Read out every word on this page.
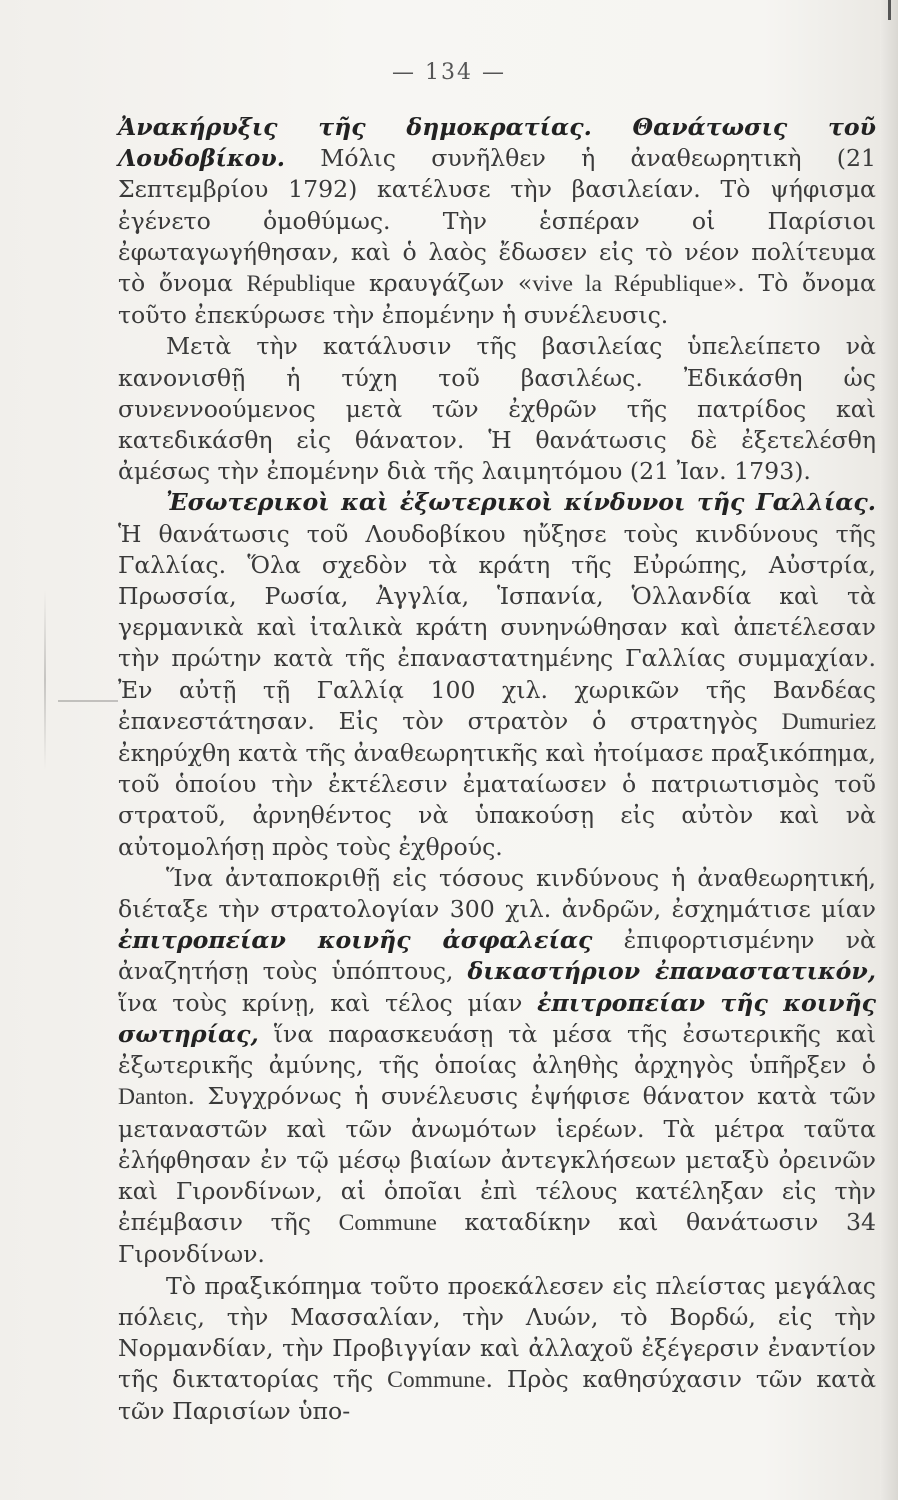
— 134 —

Ἀνακήρυξις τῆς δημοκρατίας. Θανάτωσις τοῦ Λουδοβίκου. Μόλις συνῆλθεν ἡ ἀναθεωρητικὴ (21 Σεπτεμβρίου 1792) κατέλυσε τὴν βασιλείαν. Τὸ ψήφισμα ἐγένετο ὁμοθύμως. Τὴν ἑσπέραν οἱ Παρίσιοι ἐφωταγωγήθησαν, καὶ ὁ λαὸς ἔδωσεν εἰς τὸ νέον πολίτευμα τὸ ὄνομα République κραυγάζων «vive la République». Τὸ ὄνομα τοῦτο ἐπεκύρωσε τὴν ἐπομένην ἡ συνέλευσις.

Μετὰ τὴν κατάλυσιν τῆς βασιλείας ὑπελείπετο νὰ κανονισθῇ ἡ τύχη τοῦ βασιλέως. Ἐδικάσθη ὡς συνεννοούμενος μετὰ τῶν ἐχθρῶν τῆς πατρίδος καὶ κατεδικάσθη εἰς θάνατον. Ἡ θανάτωσις δὲ ἐξετελέσθη ἀμέσως τὴν ἐπομένην διὰ τῆς λαιμητόμου (21 Ἰαν. 1793).

Ἐσωτερικοὶ καὶ ἐξωτερικοὶ κίνδυνοι τῆς Γαλλίας. Ἡ θανάτωσις τοῦ Λουδοβίκου ηὔξησε τοὺς κινδύνους τῆς Γαλλίας. Ὅλα σχεδὸν τὰ κράτη τῆς Εὐρώπης, Αὐστρία, Πρωσσία, Ρωσία, Ἀγγλία, Ἱσπανία, Ὁλλανδία καὶ τὰ γερμανικὰ καὶ ἰταλικὰ κράτη συνηνώθησαν καὶ ἀπετέλεσαν τὴν πρώτην κατὰ τῆς ἐπαναστατημένης Γαλλίας συμμαχίαν. Ἐν αὐτῇ τῇ Γαλλίᾳ 100 χιλ. χωρικῶν τῆς Βανδέας ἐπανεστάτησαν. Εἰς τὸν στρατὸν ὁ στρατηγὸς Dumuriez ἐκηρύχθη κατὰ τῆς ἀναθεωρητικῆς καὶ ἠτοίμασε πραξικόπημα, τοῦ ὁποίου τὴν ἐκτέλεσιν ἐματαίωσεν ὁ πατριωτισμὸς τοῦ στρατοῦ, ἀρνηθέντος νὰ ὑπακούσῃ εἰς αὐτὸν καὶ νὰ αὐτομολήσῃ πρὸς τοὺς ἐχθρούς.

Ἵνα ἀνταποκριθῇ εἰς τόσους κινδύνους ἡ ἀναθεωρητική, διέταξε τὴν στρατολογίαν 300 χιλ. ἀνδρῶν, ἐσχημάτισε μίαν ἐπιτροπείαν κοινῆς ἀσφαλείας ἐπιφορτισμένην νὰ ἀναζητήσῃ τοὺς ὑπόπτους, δικαστήριον ἐπαναστατικόν, ἵνα τοὺς κρίνῃ, καὶ τέλος μίαν ἐπιτροπείαν τῆς κοινῆς σωτηρίας, ἵνα παρασκευάσῃ τὰ μέσα τῆς ἐσωτερικῆς καὶ ἐξωτερικῆς ἀμύνης, τῆς ὁποίας ἀληθὴς ἀρχηγὸς ὑπῆρξεν ὁ Danton. Συγχρόνως ἡ συνέλευσις ἐψήφισε θάνατον κατὰ τῶν μεταναστῶν καὶ τῶν ἀνωμότων ἱερέων. Τὰ μέτρα ταῦτα ἐλήφθησαν ἐν τῷ μέσῳ βιαίων ἀντεγκλήσεων μεταξὺ ὀρεινῶν καὶ Γιρονδίνων, αἱ ὁποῖαι ἐπὶ τέλους κατέληξαν εἰς τὴν ἐπέμβασιν τῆς Commune καταδίκην καὶ θανάτωσιν 34 Γιρονδίνων.

Τὸ πραξικόπημα τοῦτο προεκάλεσεν εἰς πλείστας μεγάλας πόλεις, τὴν Μασσαλίαν, τὴν Λυών, τὸ Βορδώ, εἰς τὴν Νορμανδίαν, τὴν Προβιγγίαν καὶ ἀλλαχοῦ ἐξέγερσιν ἐναντίον τῆς δικτατορίας τῆς Commune. Πρὸς καθησύχασιν τῶν κατὰ τῶν Παρισίων ὑπο-
